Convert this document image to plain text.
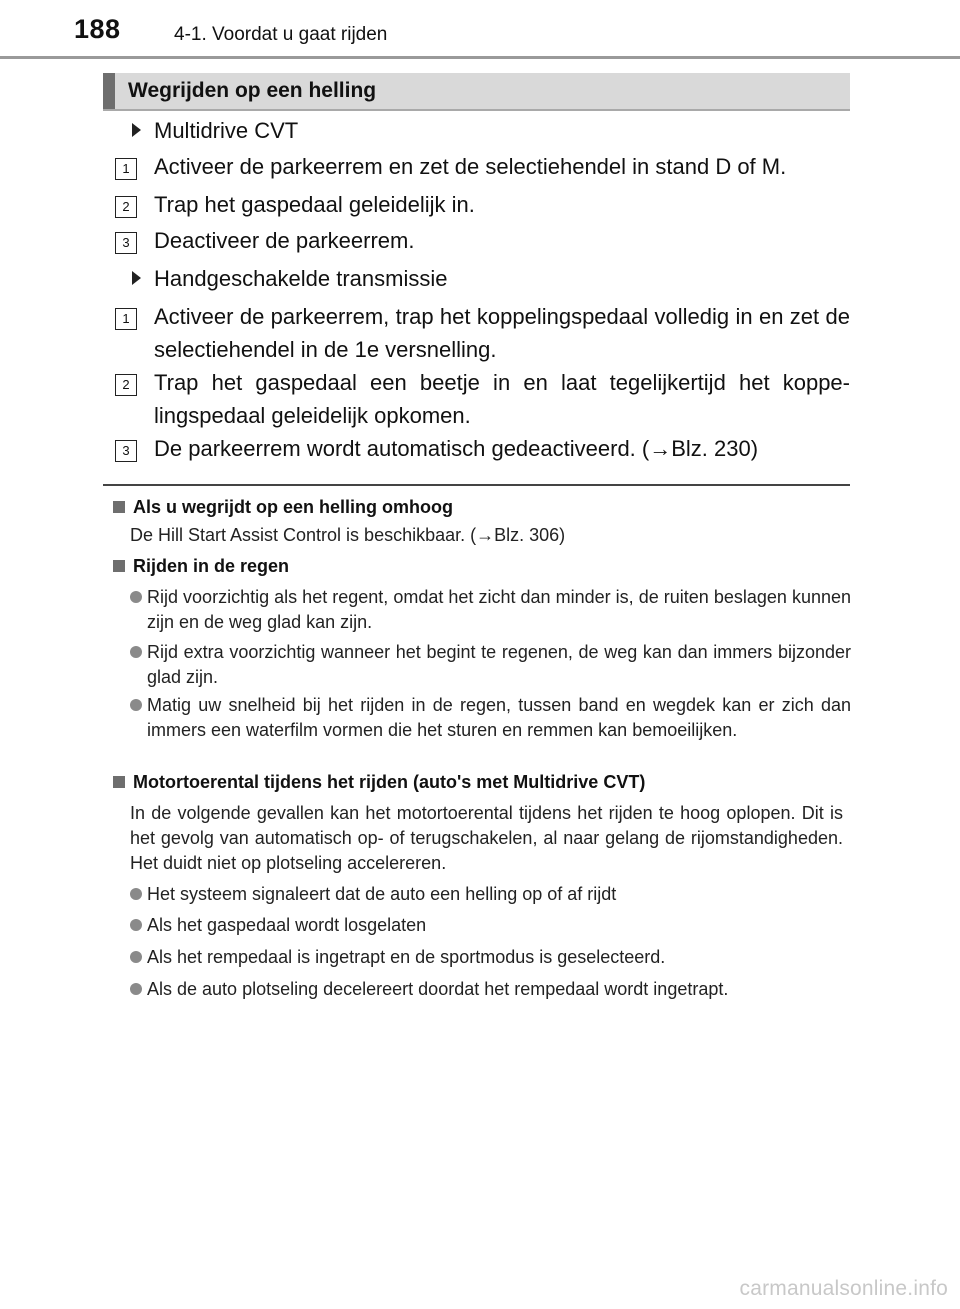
188	4-1. Voordat u gaat rijden
Wegrijden op een helling
Multidrive CVT
1	Activeer de parkeerrem en zet de selectiehendel in stand D of M.
2	Trap het gaspedaal geleidelijk in.
3	Deactiveer de parkeerrem.
Handgeschakelde transmissie
1	Activeer de parkeerrem, trap het koppelingspedaal volledig in en zet de selectiehendel in de 1e versnelling.
2	Trap het gaspedaal een beetje in en laat tegelijkertijd het koppe-lingspedaal geleidelijk opkomen.
3	De parkeerrem wordt automatisch gedeactiveerd. (→Blz. 230)
Als u wegrijdt op een helling omhoog
De Hill Start Assist Control is beschikbaar. (→Blz. 306)
Rijden in de regen
Rijd voorzichtig als het regent, omdat het zicht dan minder is, de ruiten beslagen kunnen zijn en de weg glad kan zijn.
Rijd extra voorzichtig wanneer het begint te regenen, de weg kan dan immers bijzonder glad zijn.
Matig uw snelheid bij het rijden in de regen, tussen band en wegdek kan er zich dan immers een waterfilm vormen die het sturen en remmen kan bemoeilijken.
Motortoerental tijdens het rijden (auto's met Multidrive CVT)
In de volgende gevallen kan het motortoerental tijdens het rijden te hoog oplopen. Dit is het gevolg van automatisch op- of terugschakelen, al naar gelang de rijomstandigheden. Het duidt niet op plotseling accelereren.
Het systeem signaleert dat de auto een helling op of af rijdt
Als het gaspedaal wordt losgelaten
Als het rempedaal is ingetrapt en de sportmodus is geselecteerd.
Als de auto plotseling decelereert doordat het rempedaal wordt ingetrapt.
carmanualsonline.info
